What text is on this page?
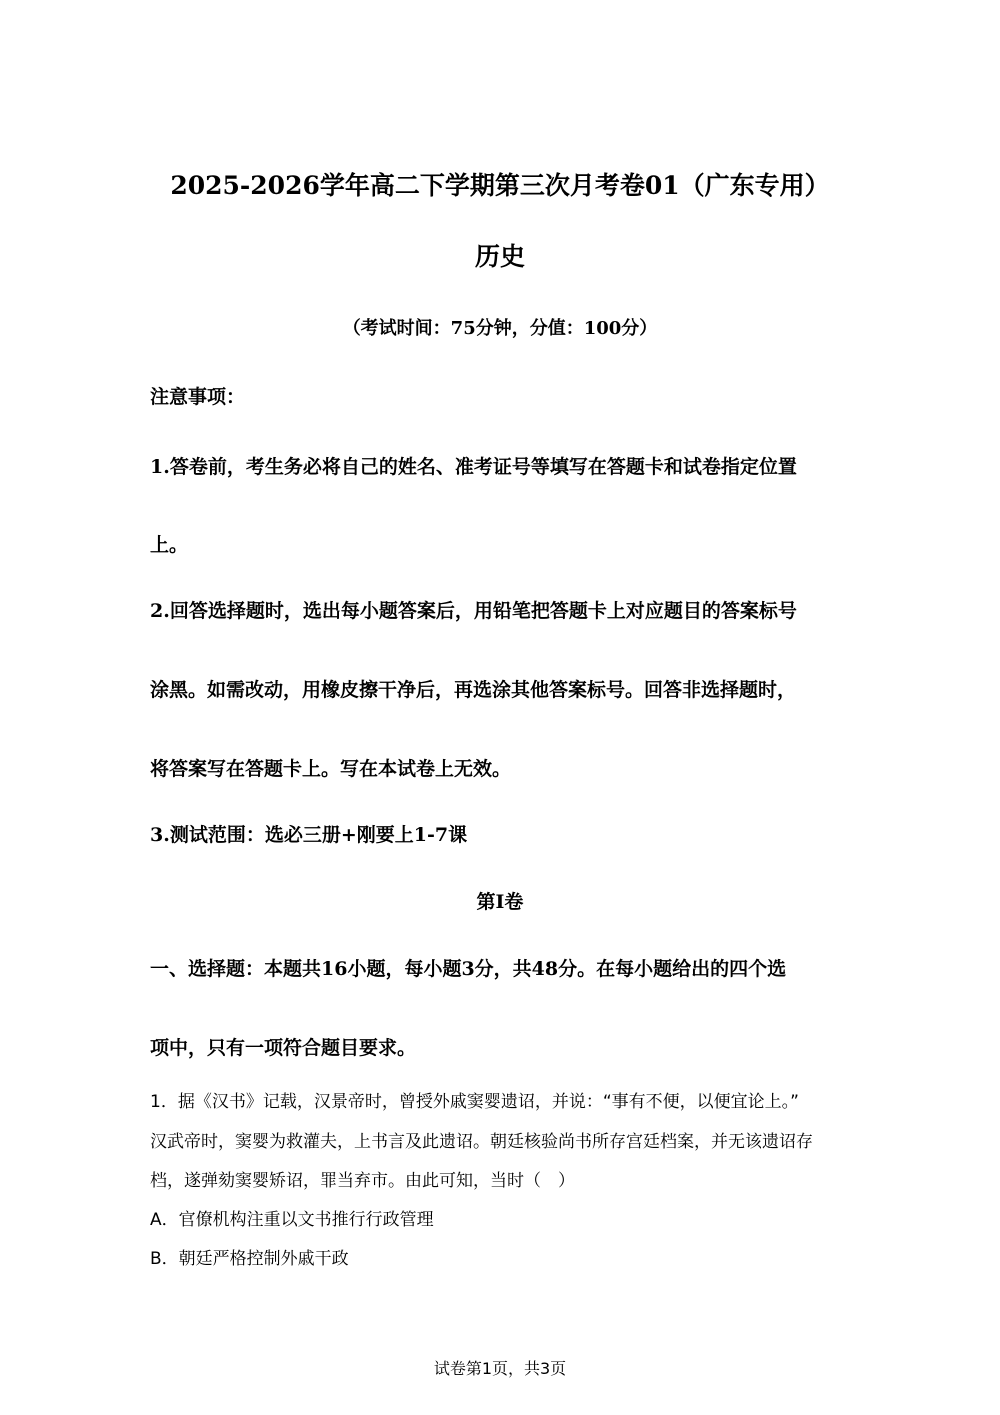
2025-2026学年高二下学期第三次月考卷01（广东专用）
历史
（考试时间：75分钟，分值：100分）
注意事项：
1.答卷前，考生务必将自己的姓名、准考证号等填写在答题卡和试卷指定位置
上。
2.回答选择题时，选出每小题答案后，用铅笔把答题卡上对应题目的答案标号
涂黑。如需改动，用橡皮擦干净后，再选涂其他答案标号。回答非选择题时，
将答案写在答题卡上。写在本试卷上无效。
3.测试范围：选必三册+刚要上1-7课
第Ⅰ卷
一、选择题：本题共16小题，每小题3分，共48分。在每小题给出的四个选
项中，只有一项符合题目要求。
1．据《汉书》记载，汉景帝时，曾授外戚窦婴遗诏，并说：“事有不便，以便宜论上。”
汉武帝时，窦婴为救灌夫，上书言及此遗诏。朝廷核验尚书所存宫廷档案，并无该遗诏存
档，遂弹劾窦婴矫诏，罪当弃市。由此可知，当时（　）
A．官僚机构注重以文书推行行政管理
B．朝廷严格控制外戚干政
试卷第1页，共3页
